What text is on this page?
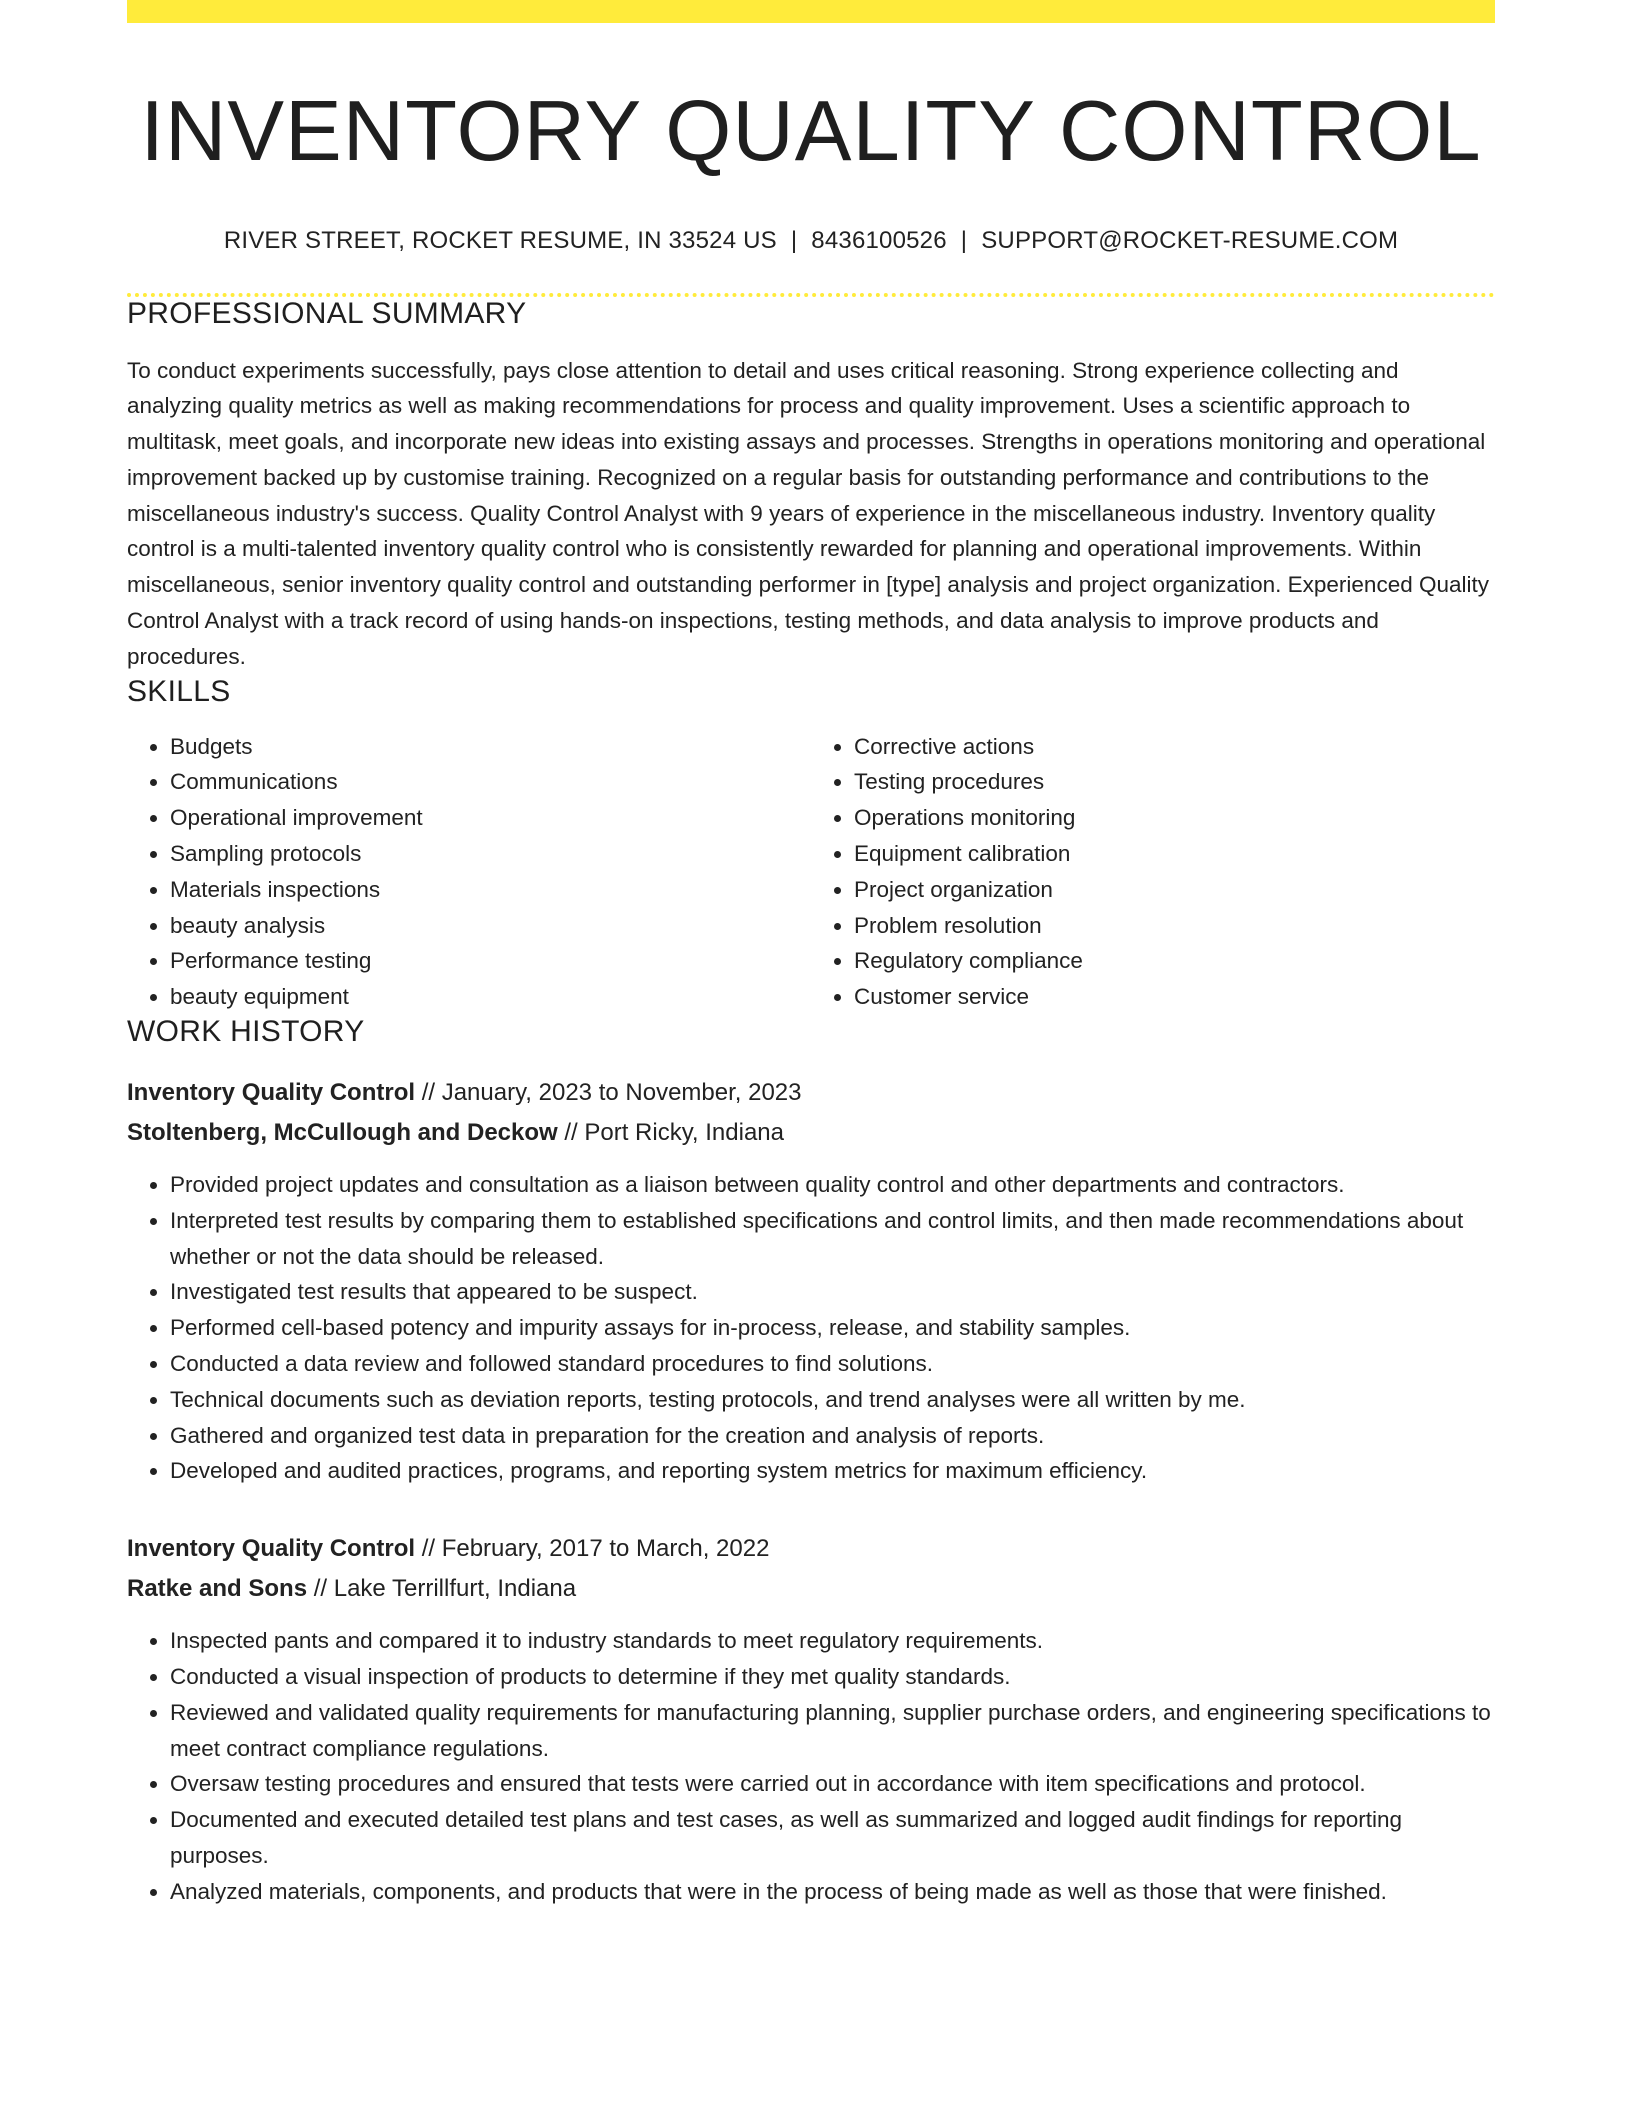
INVENTORY QUALITY CONTROL
RIVER STREET, ROCKET RESUME, IN 33524 US | 8436100526 | SUPPORT@ROCKET-RESUME.COM
PROFESSIONAL SUMMARY

To conduct experiments successfully, pays close attention to detail and uses critical reasoning. Strong experience collecting and analyzing quality metrics as well as making recommendations for process and quality improvement. Uses a scientific approach to multitask, meet goals, and incorporate new ideas into existing assays and processes. Strengths in operations monitoring and operational improvement backed up by customise training. Recognized on a regular basis for outstanding performance and contributions to the miscellaneous industry's success. Quality Control Analyst with 9 years of experience in the miscellaneous industry. Inventory quality control is a multi-talented inventory quality control who is consistently rewarded for planning and operational improvements. Within miscellaneous, senior inventory quality control and outstanding performer in [type] analysis and project organization. Experienced Quality Control Analyst with a track record of using hands-on inspections, testing methods, and data analysis to improve products and procedures.

SKILLS
• Budgets
• Communications
• Operational improvement
• Sampling protocols
• Materials inspections
• beauty analysis
• Performance testing
• beauty equipment
• Corrective actions
• Testing procedures
• Operations monitoring
• Equipment calibration
• Project organization
• Problem resolution
• Regulatory compliance
• Customer service
WORK HISTORY
Inventory Quality Control // January, 2023 to November, 2023
Stoltenberg, McCullough and Deckow // Port Ricky, Indiana
• Provided project updates and consultation as a liaison between quality control and other departments and contractors.
• Interpreted test results by comparing them to established specifications and control limits, and then made recommendations about whether or not the data should be released.
• Investigated test results that appeared to be suspect.
• Performed cell-based potency and impurity assays for in-process, release, and stability samples.
• Conducted a data review and followed standard procedures to find solutions.
• Technical documents such as deviation reports, testing protocols, and trend analyses were all written by me.
• Gathered and organized test data in preparation for the creation and analysis of reports.
• Developed and audited practices, programs, and reporting system metrics for maximum efficiency.
Inventory Quality Control // February, 2017 to March, 2022
Ratke and Sons // Lake Terrillfurt, Indiana
• Inspected pants and compared it to industry standards to meet regulatory requirements.
• Conducted a visual inspection of products to determine if they met quality standards.
• Reviewed and validated quality requirements for manufacturing planning, supplier purchase orders, and engineering specifications to meet contract compliance regulations.
• Oversaw testing procedures and ensured that tests were carried out in accordance with item specifications and protocol.
• Documented and executed detailed test plans and test cases, as well as summarized and logged audit findings for reporting purposes.
• Analyzed materials, components, and products that were in the process of being made as well as those that were finished.
